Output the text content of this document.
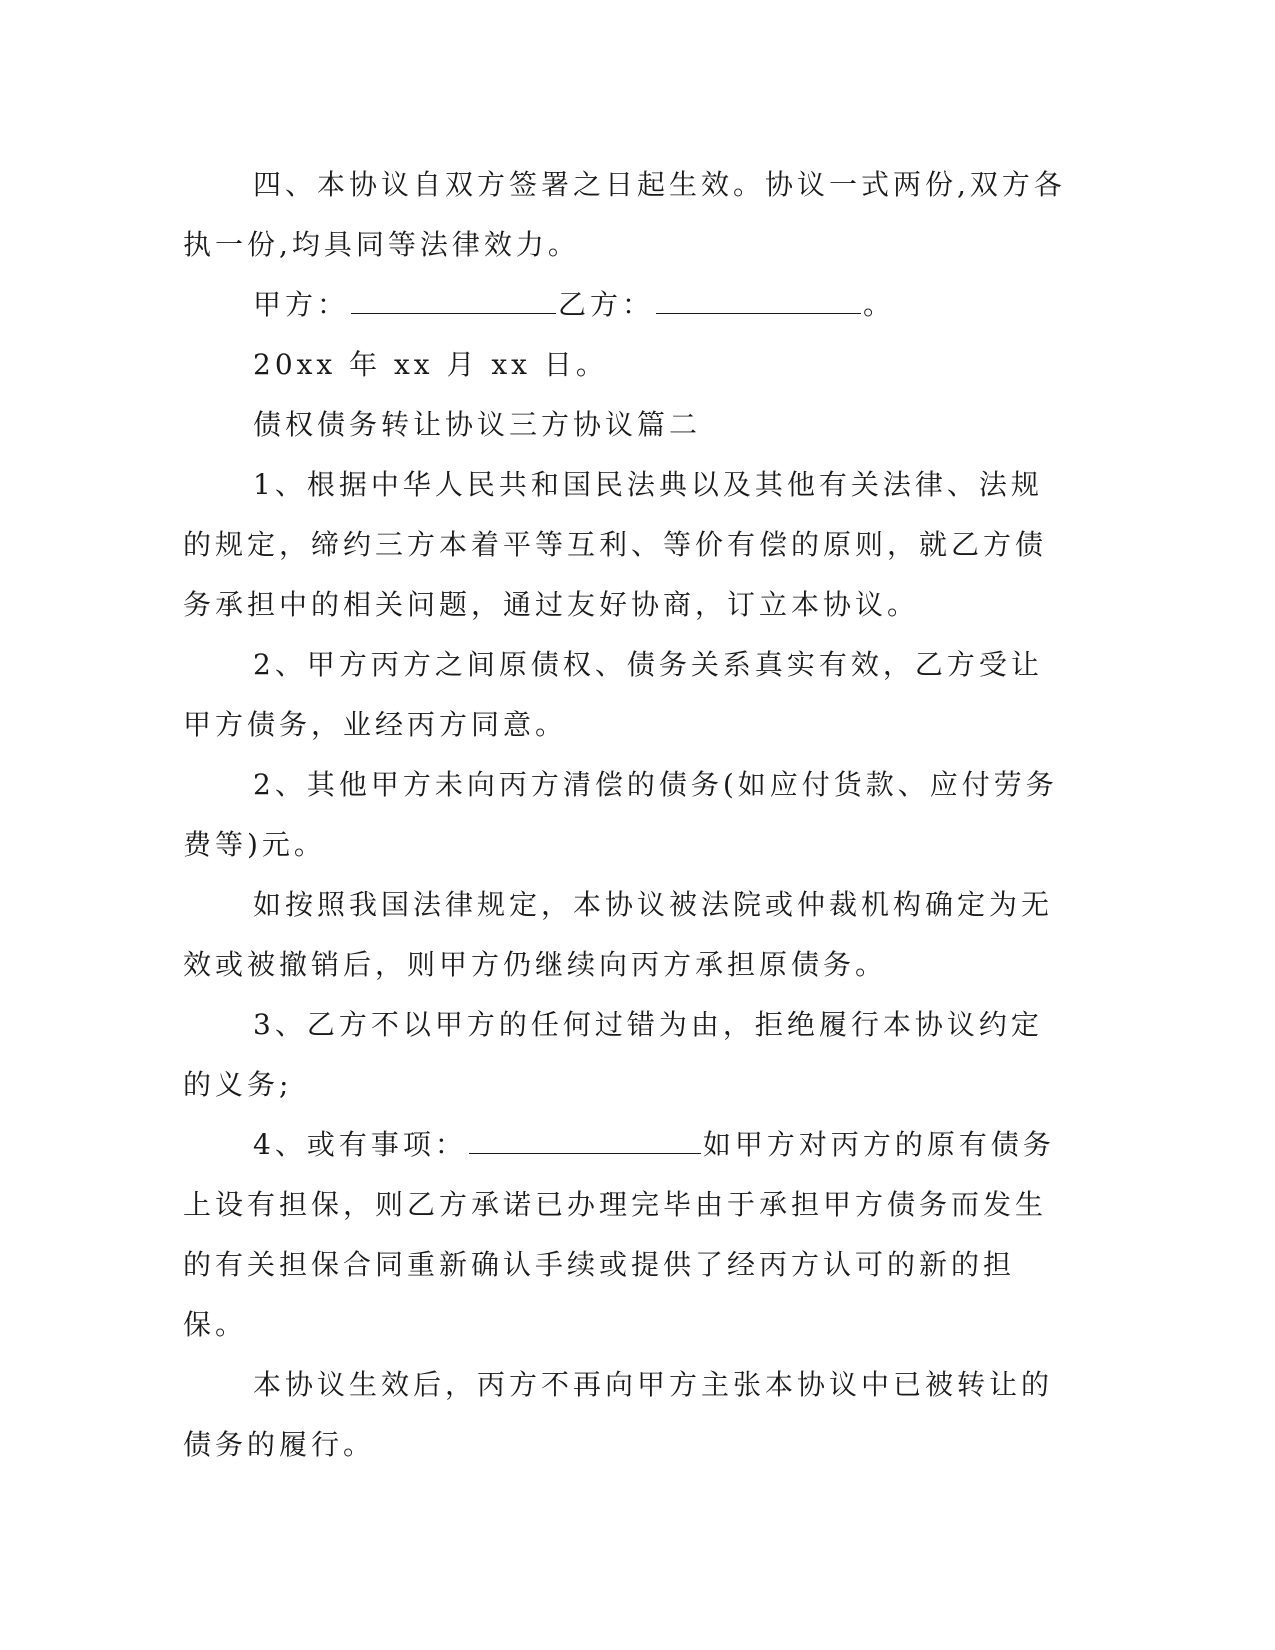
四、本协议自双方签署之日起生效。协议一式两份,双方各执一份,均具同等法律效力。

甲方：	乙方：	。

20xx 年 xx 月 xx 日。

债权债务转让协议三方协议篇二

1、根据中华人民共和国民法典以及其他有关法律、法规的规定，缔约三方本着平等互利、等价有偿的原则，就乙方债务承担中的相关问题，通过友好协商，订立本协议。

2、甲方丙方之间原债权、债务关系真实有效，乙方受让甲方债务，业经丙方同意。

2、其他甲方未向丙方清偿的债务(如应付货款、应付劳务费等)元。

如按照我国法律规定，本协议被法院或仲裁机构确定为无效或被撤销后，则甲方仍继续向丙方承担原债务。

3、乙方不以甲方的任何过错为由，拒绝履行本协议约定的义务;

4、或有事项：	如甲方对丙方的原有债务上设有担保，则乙方承诺已办理完毕由于承担甲方债务而发生的有关担保合同重新确认手续或提供了经丙方认可的新的担保。

本协议生效后，丙方不再向甲方主张本协议中已被转让的债务的履行。
